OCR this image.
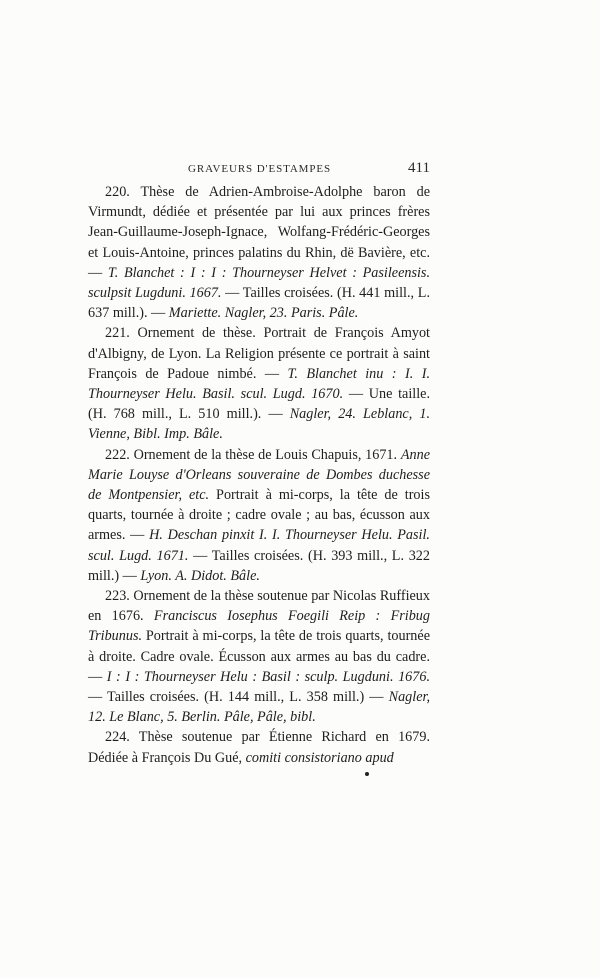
GRAVEURS D'ESTAMPES	411

220. Thèse de Adrien-Ambroise-Adolphe baron de Virmundt, dédiée et présentée par lui aux princes frères Jean-Guillaume-Joseph-Ignace, Wolfang-Frédéric-Georges et Louis-Antoine, princes palatins du Rhin, dë Bavière, etc. — T. Blanchet : I : I : Thourneyser Helvet : Pasileensis. sculpsit Lugduni. 1667. — Tailles croisées. (H. 441 mill., L. 637 mill.). — Mariette. Nagler, 23. Paris. Pâle.

221. Ornement de thèse. Portrait de François Amyot d'Albigny, de Lyon. La Religion présente ce portrait à saint François de Padoue nimbé. — T. Blanchet inu : I. I. Thourneyser Helu. Basil. scul. Lugd. 1670. — Une taille. (H. 768 mill., L. 510 mill.). — Nagler, 24. Leblanc, 1. Vienne, Bibl. Imp. Bâle.

222. Ornement de la thèse de Louis Chapuis, 1671. Anne Marie Louyse d'Orleans souveraine de Dombes duchesse de Montpensier, etc. Portrait à mi-corps, la tête de trois quarts, tournée à droite ; cadre ovale ; au bas, écusson aux armes. — H. Deschan pinxit I. I. Thourneyser Helu. Pasil. scul. Lugd. 1671. — Tailles croisées. (H. 393 mill., L. 322 mill.) — Lyon. A. Didot. Bâle.

223. Ornement de la thèse soutenue par Nicolas Ruffieux en 1676. Franciscus Iosephus Foegili Reip : Fribug Tribunus. Portrait à mi-corps, la tête de trois quarts, tournée à droite. Cadre ovale. Écusson aux armes au bas du cadre. — I : I : Thourneyser Helu : Basil : sculp. Lugduni. 1676. — Tailles croisées. (H. 144 mill., L. 358 mill.) — Nagler, 12. Le Blanc, 5. Berlin. Pâle, Pâle, bibl.

224. Thèse soutenue par Étienne Richard en 1679. Dédiée à François Du Gué, comiti consistoriano apud
